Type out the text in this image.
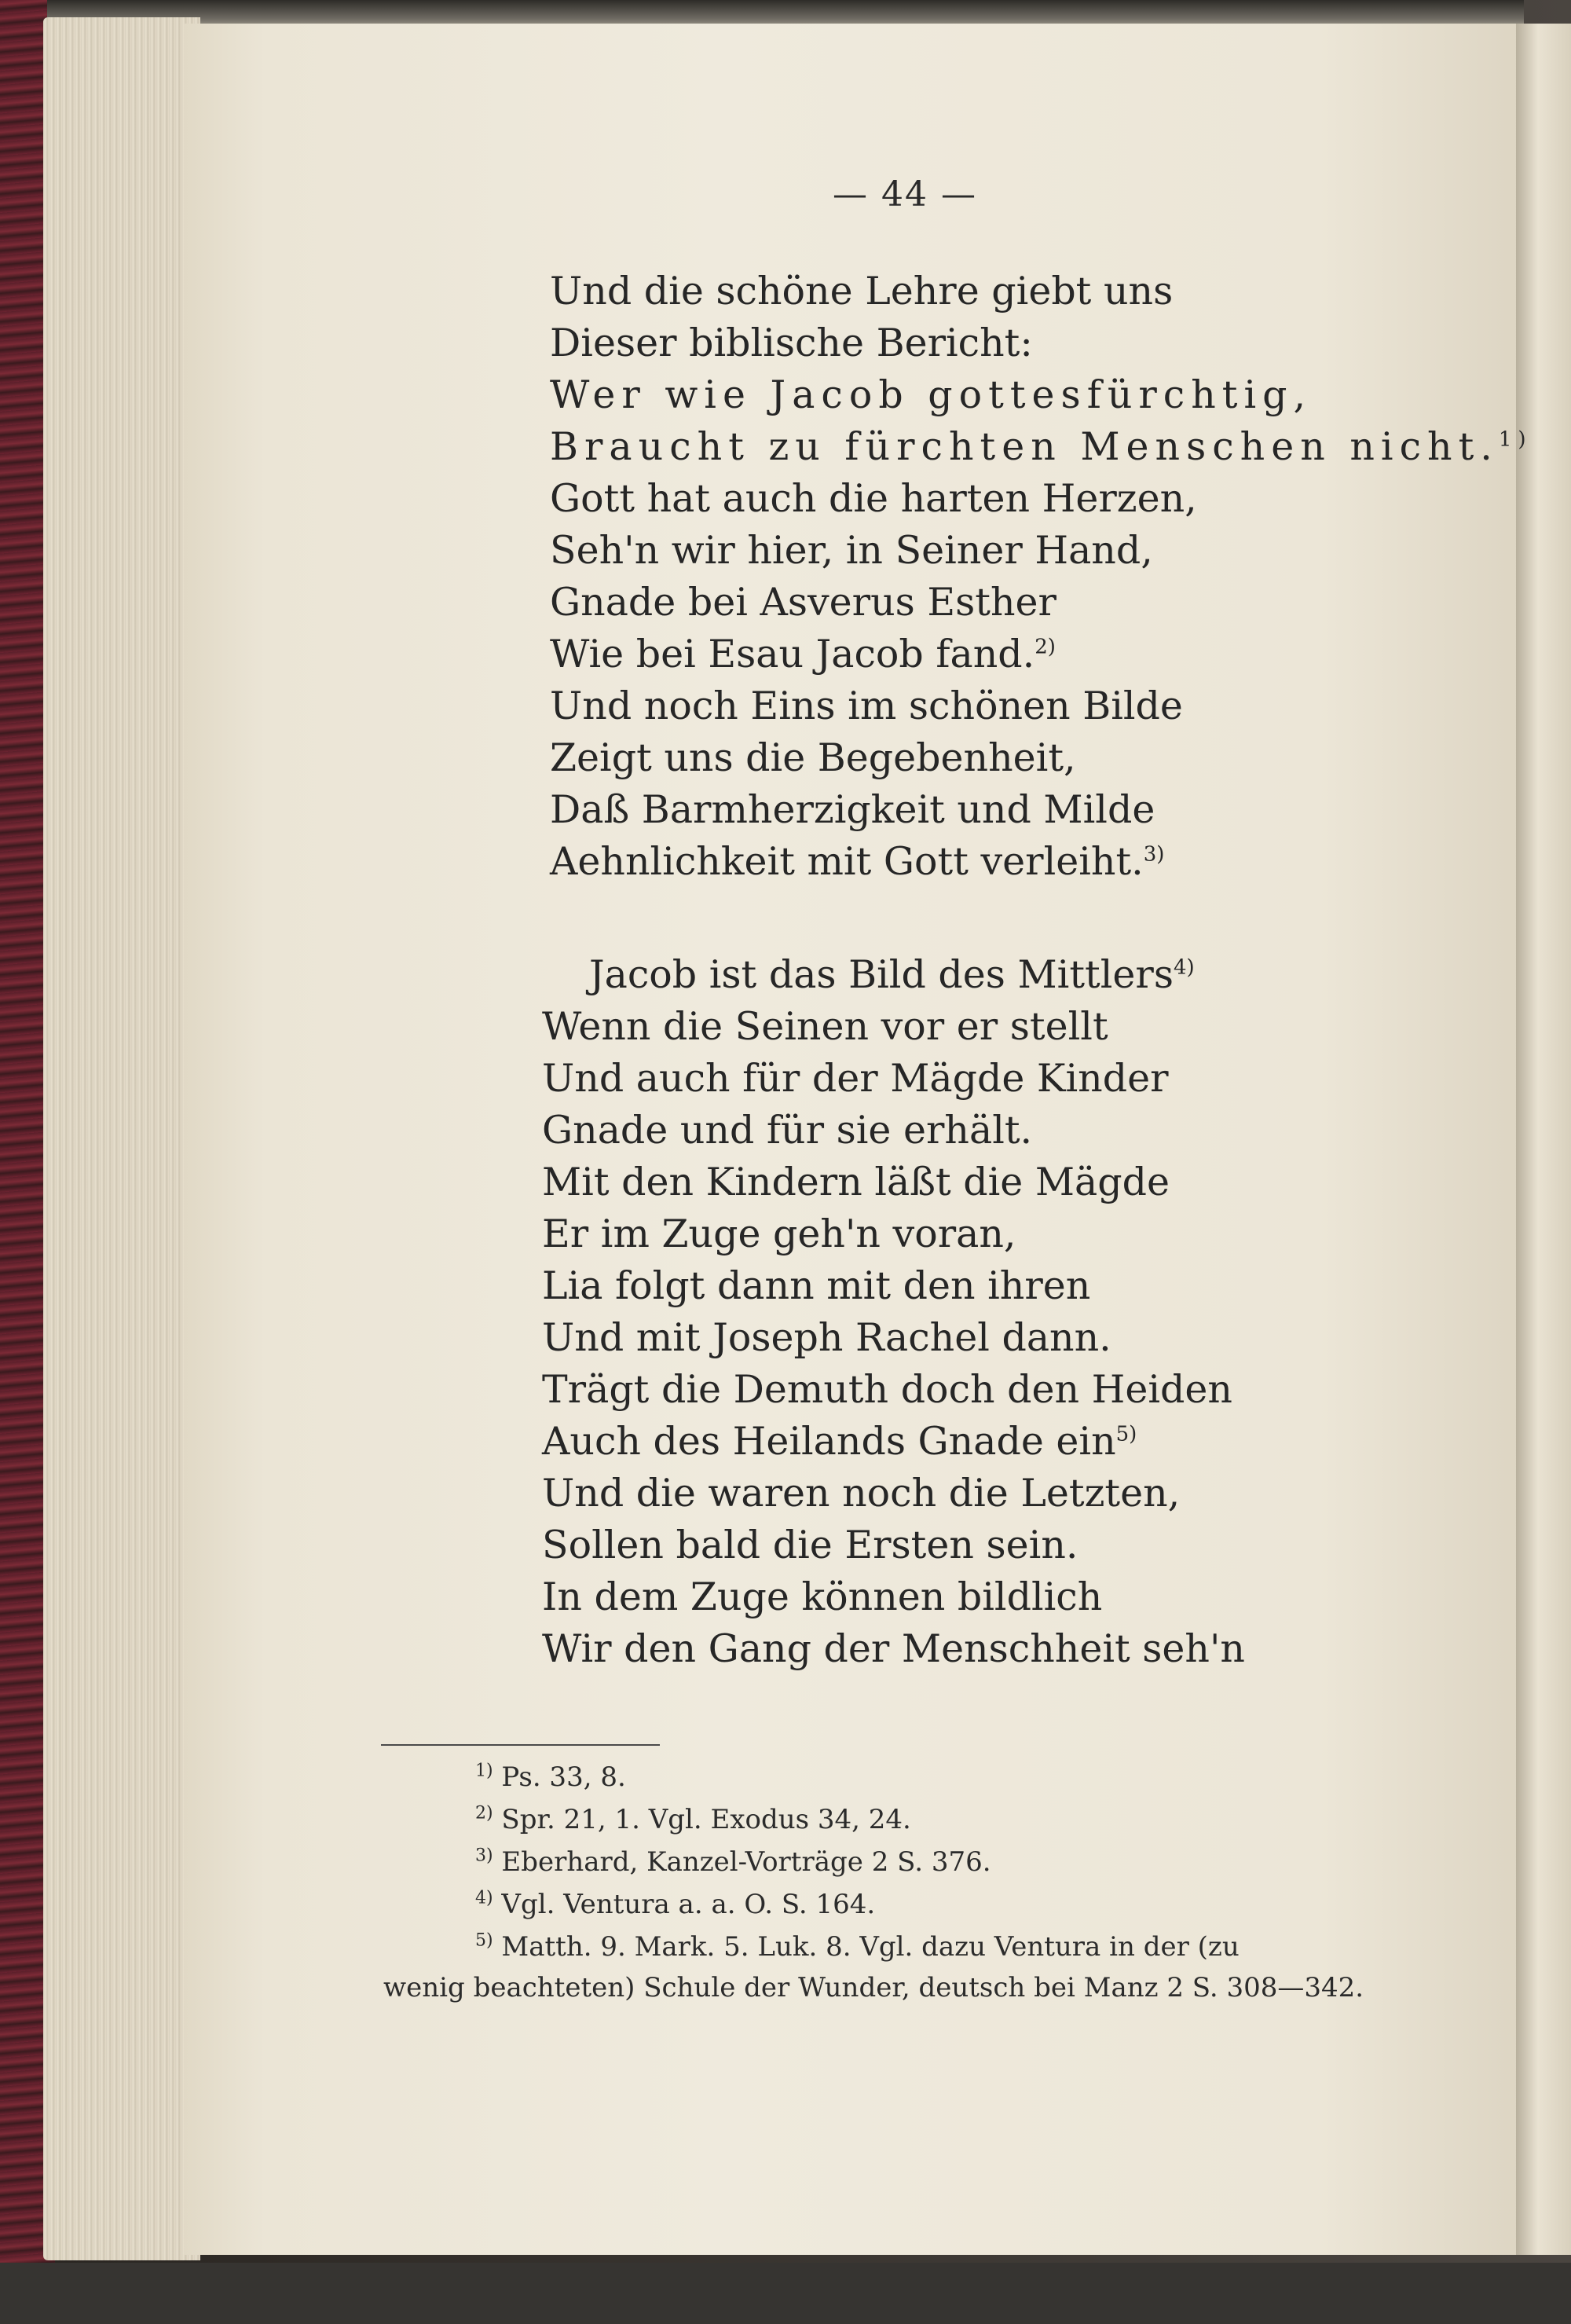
— 44 —
Und die schöne Lehre giebt uns
Dieser biblische Bericht:
Wer wie Jacob gottesfürchtig,
Braucht zu fürchten Menschen nicht.$^{1)}$
Gott hat auch die harten Herzen,
Seh'n wir hier, in Seiner Hand,
Gnade bei Asverus Esther
Wie bei Esau Jacob fand.$^{2)}$
Und noch Eins im schönen Bilde
Zeigt uns die Begebenheit,
Daß Barmherzigkeit und Milde
Aehnlichkeit mit Gott verleiht.$^{3)}$
Jacob ist das Bild des Mittlers$^{4)}$
Wenn die Seinen vor er stellt
Und auch für der Mägde Kinder
Gnade und für sie erhält.
Mit den Kindern läßt die Mägde
Er im Zuge geh'n voran,
Lia folgt dann mit den ihren
Und mit Joseph Rachel dann.
Trägt die Demuth doch den Heiden
Auch des Heilands Gnade ein$^{5)}$
Und die waren noch die Letzten,
Sollen bald die Ersten sein.
In dem Zuge können bildlich
Wir den Gang der Menschheit seh'n
$^{1)}$ Ps. 33, 8.
$^{2)}$ Spr. 21, 1. Vgl. Exodus 34, 24.
$^{3)}$ Eberhard, Kanzel-Vorträge 2 S. 376.
$^{4)}$ Vgl. Ventura a. a. O. S. 164.
$^{5)}$ Matth. 9. Mark. 5. Luk. 8. Vgl. dazu Ventura in der (zu
wenig beachteten) Schule der Wunder, deutsch bei Manz 2 S. 308—342.
